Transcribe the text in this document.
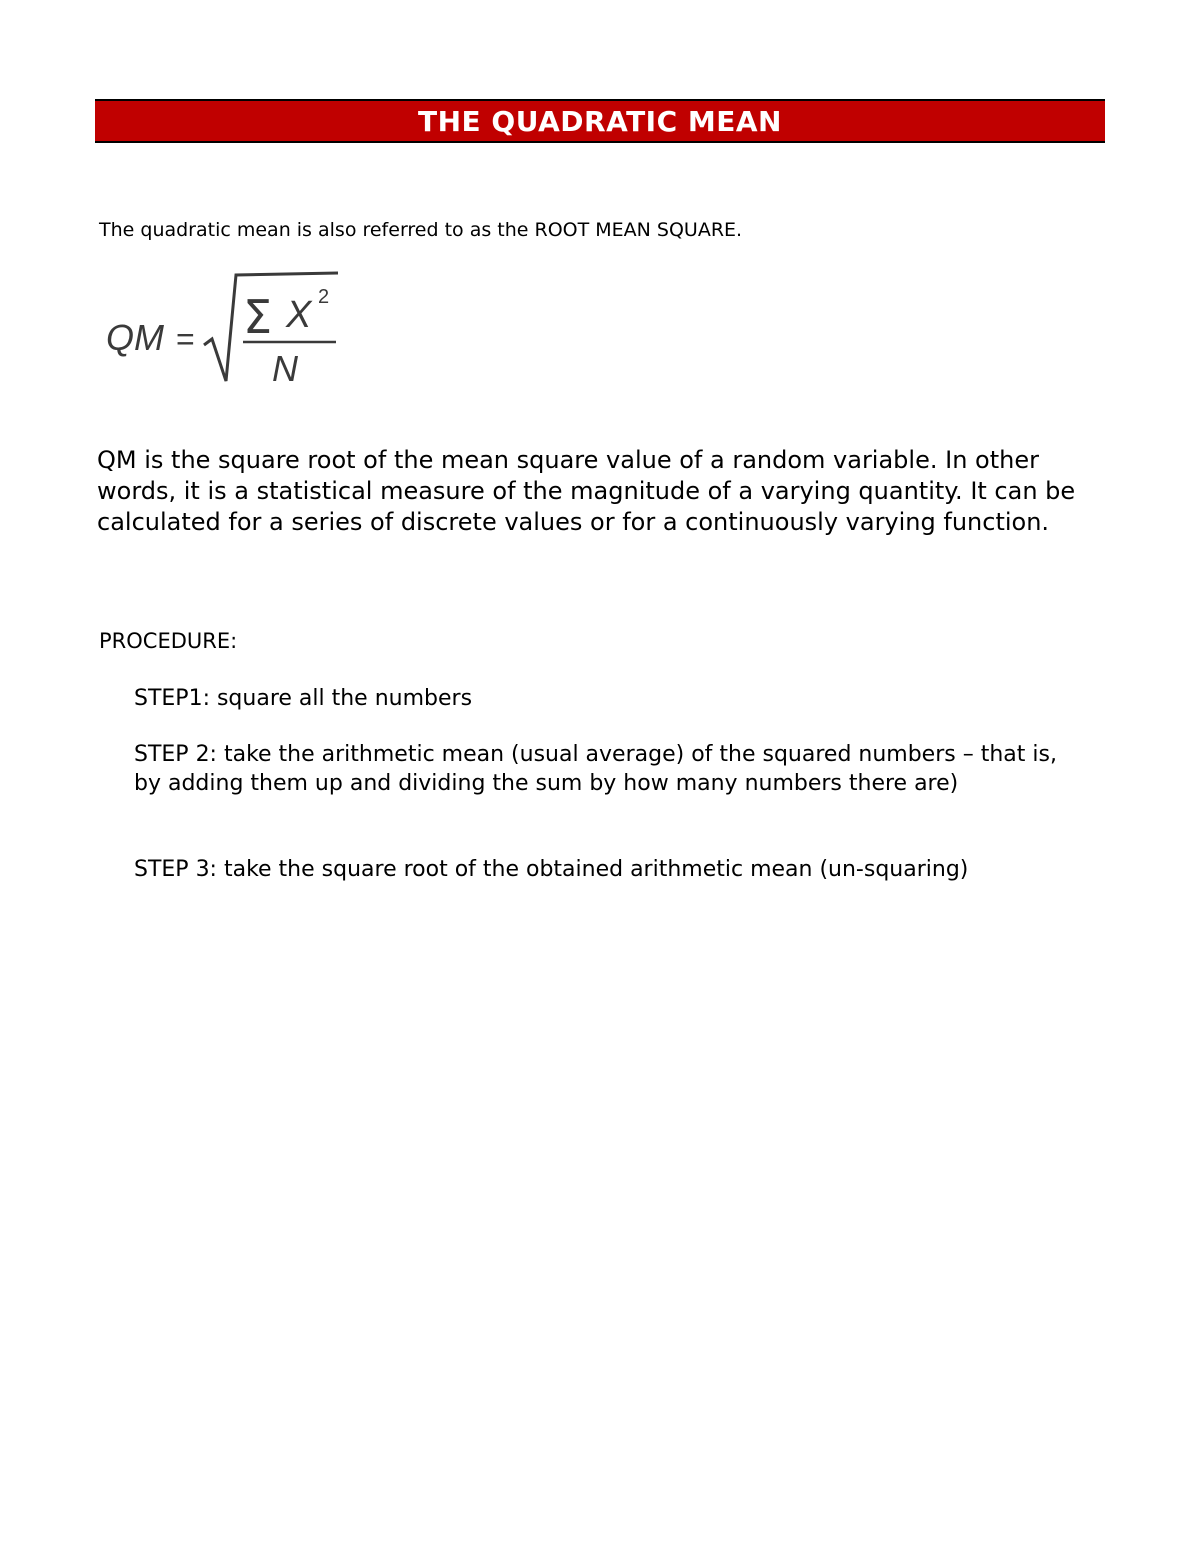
THE QUADRATIC MEAN
The quadratic mean is also referred to as the ROOT MEAN SQUARE.
QM = Σ X 2
N
QM is the square root of the mean square value of a random variable. In other words, it is a statistical measure of the magnitude of a varying quantity. It can be calculated for a series of discrete values or for a continuously varying function.
PROCEDURE:
STEP1: square all the numbers
STEP 2: take the arithmetic mean (usual average) of the squared numbers – that is, by adding them up and dividing the sum by how many numbers there are)
STEP 3: take the square root of the obtained arithmetic mean (un-squaring)
